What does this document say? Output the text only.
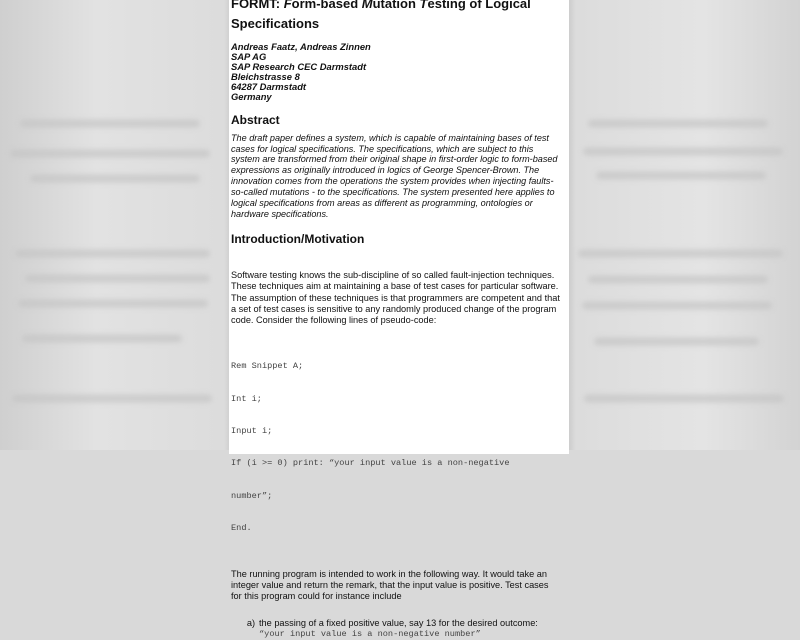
FORMT: Form-based Mutation Testing of Logical Specifications
Andreas Faatz, Andreas Zinnen
SAP AG
SAP Research CEC Darmstadt
Bleichstrasse 8
64287 Darmstadt
Germany
Abstract
The draft paper defines a system, which is capable of maintaining bases of test
cases for logical specifications. The specifications, which are subject to this
system are transformed from their original shape in first-order logic to form-based
expressions as originally introduced in logics of George Spencer-Brown. The
innovation comes from the operations the system provides when injecting faults-
so-called mutations - to the specifications. The system presented here applies to
logical specifications from areas as different as programming, ontologies or
hardware specifications.
Introduction/Motivation
Software testing knows the sub-discipline of so called fault-injection techniques.
These techniques aim at maintaining a base of test cases for particular software.
The assumption of these techniques is that programmers are competent and that
a set of test cases is sensitive to any randomly produced change of the program
code. Consider the following lines of pseudo-code:

Rem Snippet A;

Int i;

Input i;

If (i >= 0) print: “your input value is a non-negative

number”;

End.

The running program is intended to work in the following way. It would take an
integer value and return the remark, that the input value is positive. Test cases
for this program could for instance include
a) the passing of a fixed positive value, say 13 for the desired outcome:
“your input value is a non-negative number”
